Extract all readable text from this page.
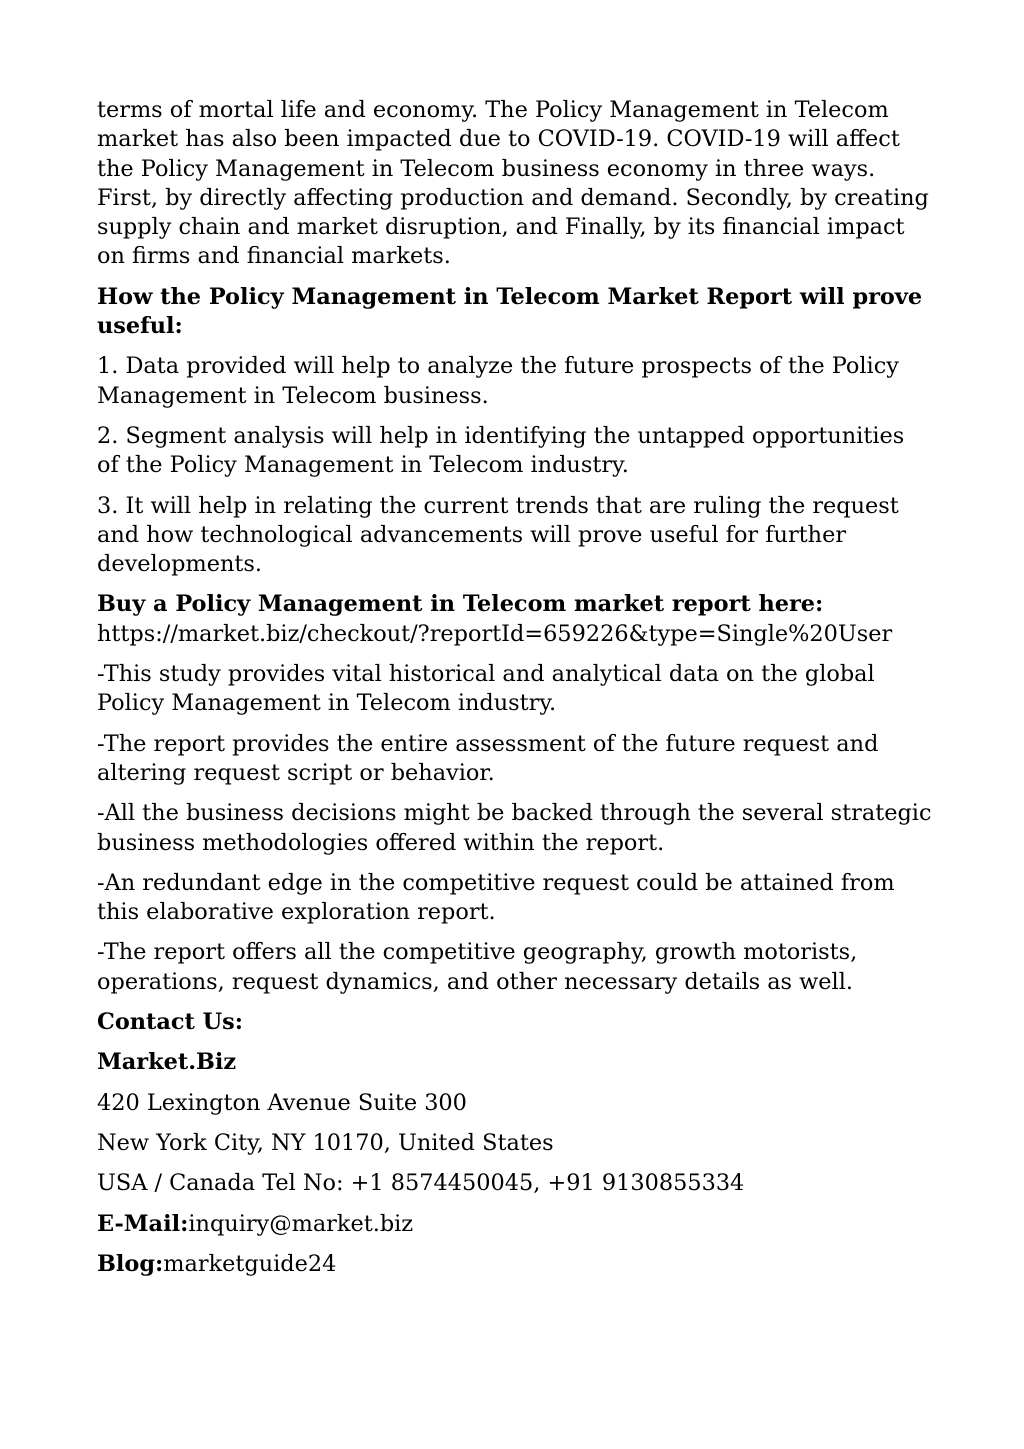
terms of mortal life and economy. The Policy Management in Telecom market has also been impacted due to COVID-19. COVID-19 will affect the Policy Management in Telecom business economy in three ways. First, by directly affecting production and demand. Secondly, by creating supply chain and market disruption, and Finally, by its financial impact on firms and financial markets.

How the Policy Management in Telecom Market Report will prove useful:

1. Data provided will help to analyze the future prospects of the Policy Management in Telecom business.

2. Segment analysis will help in identifying the untapped opportunities of the Policy Management in Telecom industry.

3. It will help in relating the current trends that are ruling the request and how technological advancements will prove useful for further developments.

Buy a Policy Management in Telecom market report here: https://market.biz/checkout/?reportId=659226&type=Single%20User

-This study provides vital historical and analytical data on the global Policy Management in Telecom industry.

-The report provides the entire assessment of the future request and altering request script or behavior.

-All the business decisions might be backed through the several strategic business methodologies offered within the report.

-An redundant edge in the competitive request could be attained from this elaborative exploration report.

-The report offers all the competitive geography, growth motorists, operations, request dynamics, and other necessary details as well.

Contact Us:

Market.Biz

420 Lexington Avenue Suite 300

New York City, NY 10170, United States

USA / Canada Tel No: +1 8574450045, +91 9130855334

E-Mail:inquiry@market.biz

Blog:marketguide24
